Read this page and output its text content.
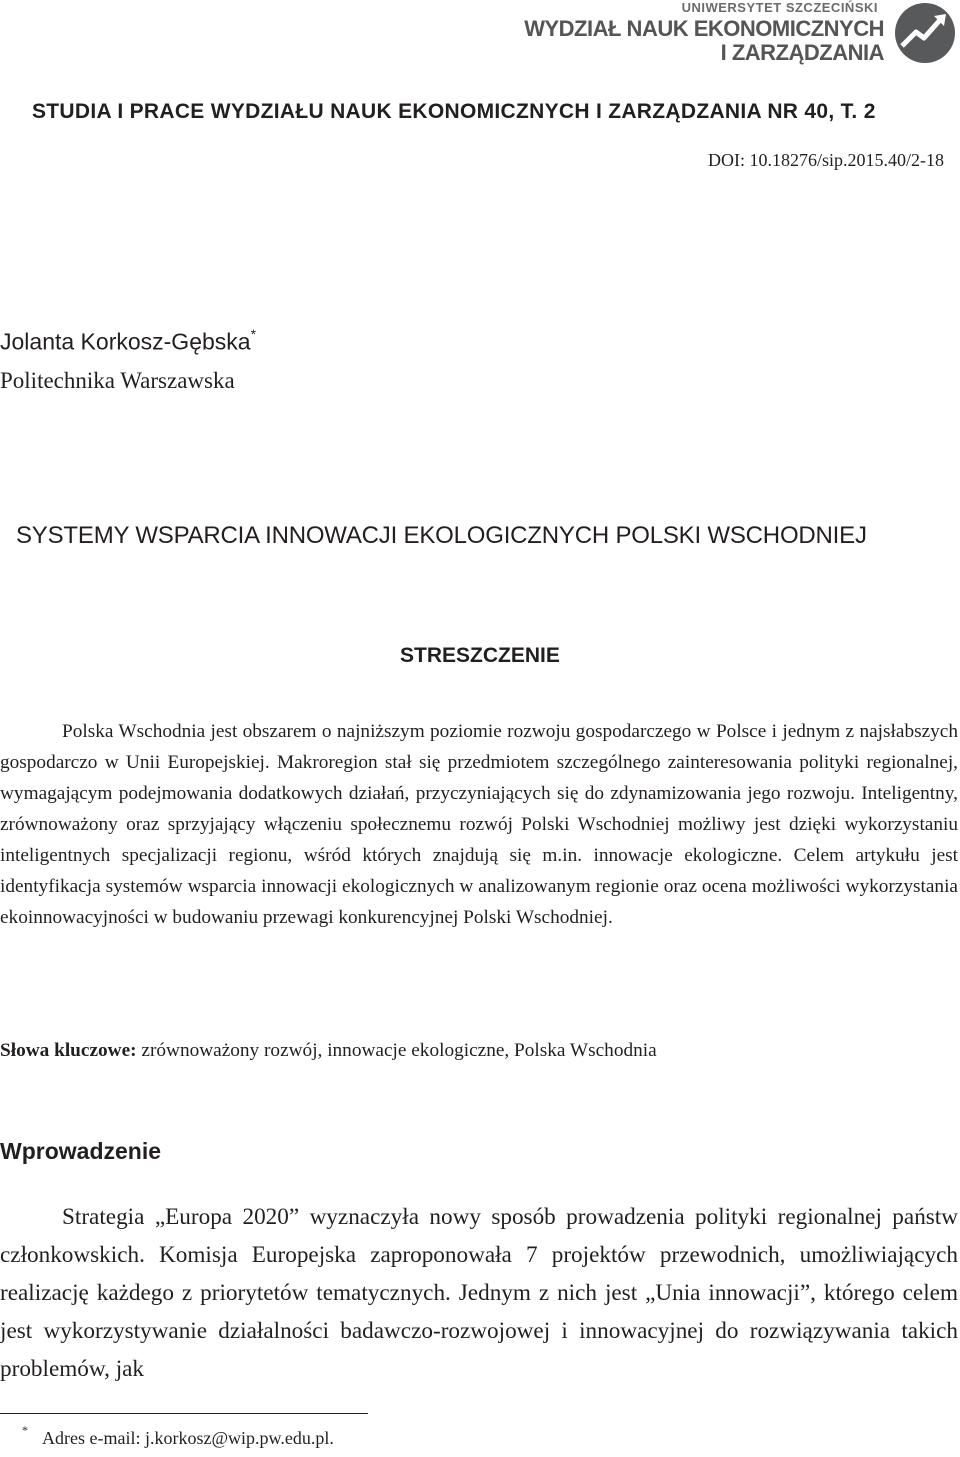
UNIWERSYTET SZCZECIŃSKI
WYDZIAŁ NAUK EKONOMICZNYCH
I ZARZĄDZANIA
STUDIA I PRACE WYDZIAŁU NAUK EKONOMICZNYCH I ZARZĄDZANIA NR 40, T. 2
DOI: 10.18276/sip.2015.40/2-18
Jolanta Korkosz-Gębska*
Politechnika Warszawska
SYSTEMY WSPARCIA INNOWACJI EKOLOGICZNYCH POLSKI WSCHODNIEJ
STRESZCZENIE

Polska Wschodnia jest obszarem o najniższym poziomie rozwoju gospodarczego w Polsce i jednym z najsłabszych gospodarczo w Unii Europejskiej. Makroregion stał się przedmiotem szczególnego zainteresowania polityki regionalnej, wymagającym podejmowania dodatkowych działań, przyczyniających się do zdynamizowania jego rozwoju. Inteligentny, zrównoważony oraz sprzyjający włączeniu społecznemu rozwój Polski Wschodniej możliwy jest dzięki wykorzystaniu inteligentnych specjalizacji regionu, wśród których znajdują się m.in. innowacje ekologiczne. Celem artykułu jest identyfikacja systemów wsparcia innowacji ekologicznych w analizowanym regionie oraz ocena możliwości wykorzystania ekoinnowacyjności w budowaniu przewagi konkurencyjnej Polski Wschodniej.

Słowa kluczowe: zrównoważony rozwój, innowacje ekologiczne, Polska Wschodnia
Wprowadzenie

Strategia „Europa 2020” wyznaczyła nowy sposób prowadzenia polityki regionalnej państw członkowskich. Komisja Europejska zaproponowała 7 projektów przewodnich, umożliwiających realizację każdego z priorytetów tematycznych. Jednym z nich jest „Unia innowacji”, którego celem jest wykorzystywanie działalności badawczo-rozwojowej i innowacyjnej do rozwiązywania takich problemów, jak

* Adres e-mail: j.korkosz@wip.pw.edu.pl.
